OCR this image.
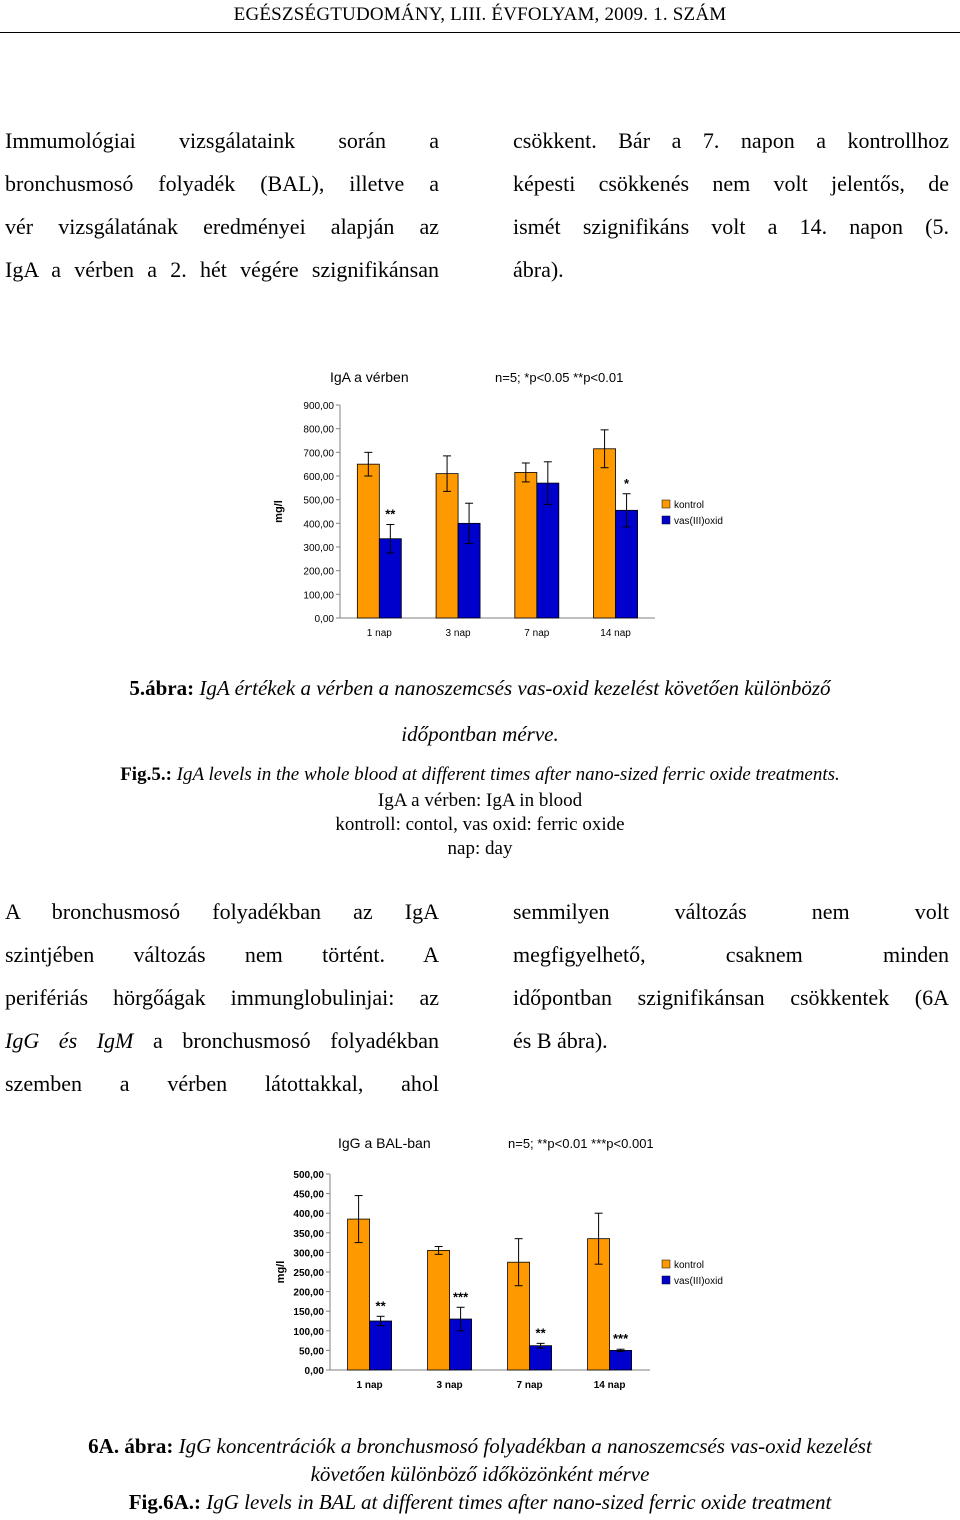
EGÉSZSÉGTUDOMÁNY, LIII. ÉVFOLYAM, 2009. 1. SZÁM
Immumológiai vizsgálataink során a
bronchusmosó folyadék (BAL), illetve a
vér vizsgálatának eredményei alapján az
IgA a vérben a 2. hét végére szignifikánsan
csökkent. Bár a 7. napon a kontrollhoz
képesti csökkenés nem volt jelentős, de
ismét szignifikáns volt a 14. napon (5.
ábra).
IgA a vérben	n=5; *p<0.05 **p<0.01
mg/l
0,00
100,00
200,00
300,00
400,00
500,00
600,00
700,00
800,00
900,00
**
1 nap	3 nap	7 nap
*
14 nap
kontrol
vas(III)oxid
5.ábra: IgA értékek a vérben a nanoszemcsés vas-oxid kezelést követően különböző
időpontban mérve.
Fig.5.: IgA levels in the whole blood at different times after nano-sized ferric oxide treatments.
IgA a vérben: IgA in blood
kontroll: contol, vas oxid: ferric oxide
nap: day
A bronchusmosó folyadékban az IgA
szintjében változás nem történt. A
perifériás hörgőágak immunglobulinjai: az
IgG és IgM a bronchusmosó folyadékban
szemben a vérben látottakkal, ahol
semmilyen változás nem volt
megfigyelhető, csaknem minden
időpontban szignifikánsan csökkentek (6A
és B ábra).
IgG a BAL-ban	n=5; **p<0.01 ***p<0.001
mg/l
0,00
50,00
100,00
150,00
200,00
250,00
300,00
350,00
400,00
450,00
500,00
**
1 nap
***
3 nap
**
7 nap
***
14 nap
kontrol
vas(III)oxid
6A. ábra: IgG koncentrációk a bronchusmosó folyadékban a nanoszemcsés vas-oxid kezelést
követően különböző időközönként mérve
Fig.6A.: IgG levels in BAL at different times after nano-sized ferric oxide treatment
